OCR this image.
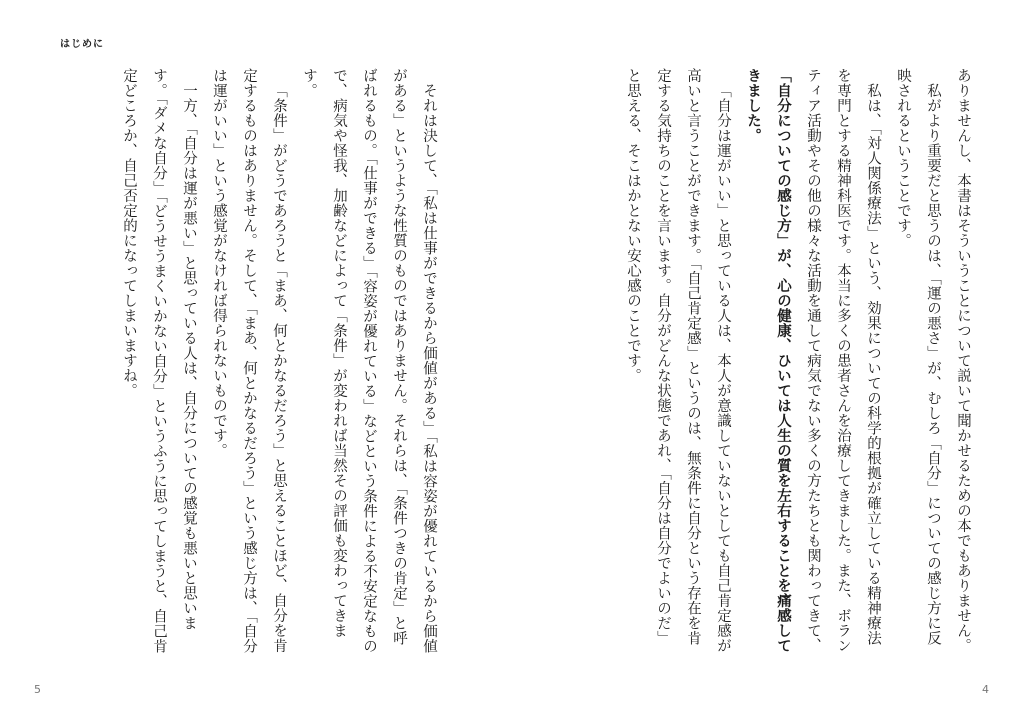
はじめに

ありませんし、本書はそういうことについて説いて聞かせるための本でもありません。

私がより重要だと思うのは、「運の悪さ」が、むしろ「自分」についての感じ方に反映されるということです。

私は、「対人関係療法」という、効果についての科学的根拠が確立している精神療法を専門とする精神科医です。本当に多くの患者さんを治療してきました。また、ボランティア活動やその他の様々な活動を通して病気でない多くの方たちとも関わってきて、「自分についての感じ方」が、心の健康、ひいては人生の質を左右することを痛感してきました。

「自分は運がいい」と思っている人は、本人が意識していないとしても自己肯定感が高いと言うことができます。「自己肯定感」というのは、無条件に自分という存在を肯定する気持ちのことを言います。自分がどんな状態であれ、「自分は自分でよいのだ」と思える、そこはかとない安心感のことです。

それは決して、「私は仕事ができるから価値がある」「私は容姿が優れているから価値がある」というような性質のものではありません。それらは、「条件つきの肯定」と呼ばれるもの。「仕事ができる」「容姿が優れている」などという条件による不安定なもので、病気や怪我、加齢などによって「条件」が変われば当然その評価も変わってきます。

「条件」がどうであろうと「まあ、何とかなるだろう」と思えることほど、自分を肯定するものはありません。そして、「まあ、何とかなるだろう」という感じ方は、「自分は運がいい」という感覚がなければ得られないものです。

一方、「自分は運が悪い」と思っている人は、自分についての感覚も悪いと思います。「ダメな自分」「どうせうまくいかない自分」というふうに思ってしまうと、自己肯定どころか、自己否定的になってしまいますね。

5	4
